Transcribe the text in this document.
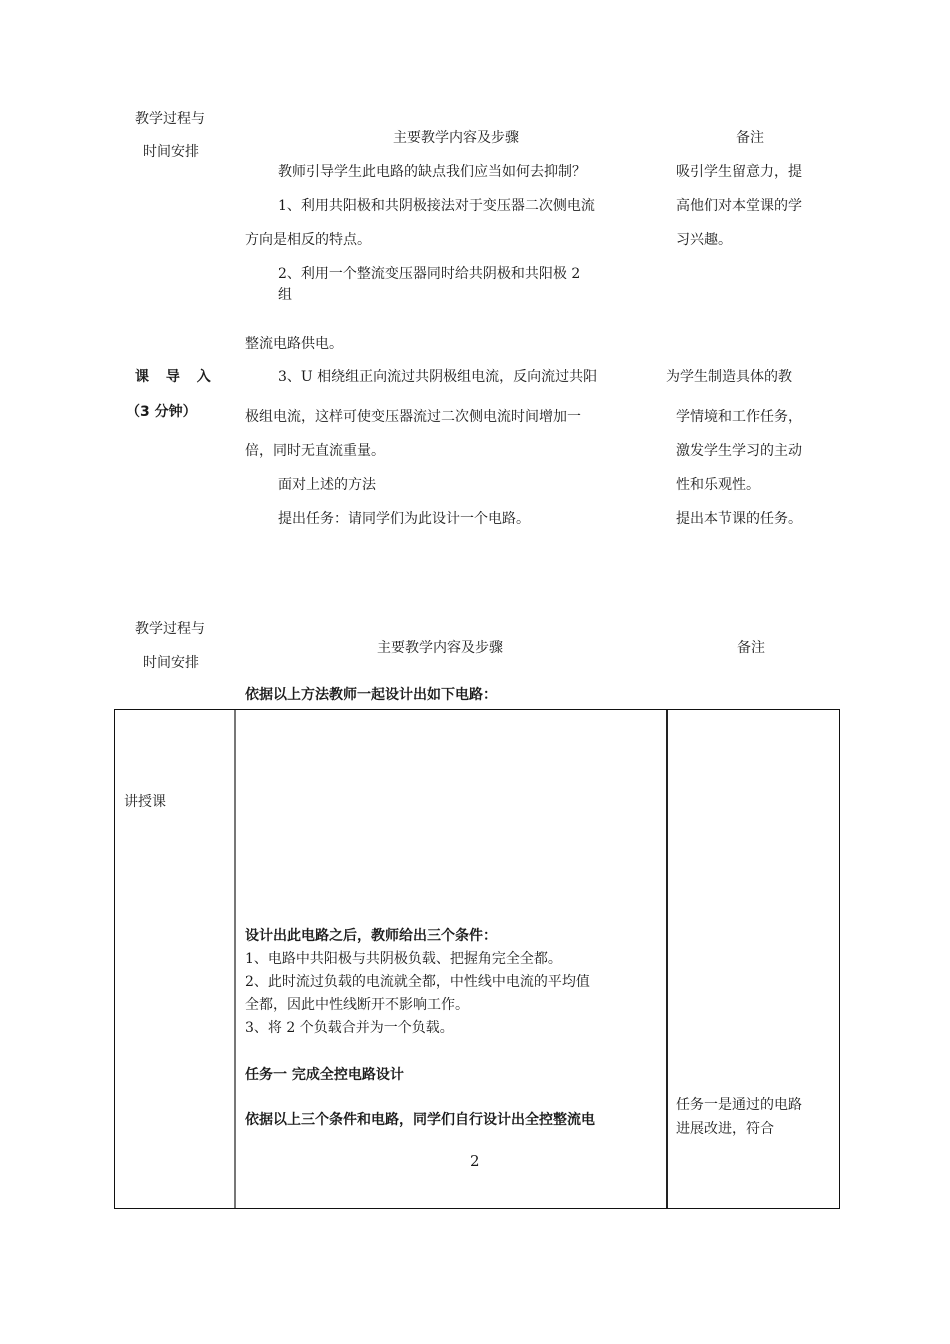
教学过程与
时间安排
主要教学内容及步骤	备注
教师引导学生此电路的缺点我们应当如何去抑制？
1、利用共阳极和共阴极接法对于变压器二次侧电流
方向是相反的特点。
2、利用一个整流变压器同时给共阴极和共阳极 2
组
整流电路供电。
3、U 相绕组正向流过共阴极组电流，反向流过共阳
极组电流，这样可使变压器流过二次侧电流时间增加一
倍，同时无直流重量。
面对上述的方法
提出任务：请同学们为此设计一个电路。
课 导 入
（3 分钟）
吸引学生留意力，提
高他们对本堂课的学
习兴趣。
为学生制造具体的教
学情境和工作任务，
激发学生学习的主动
性和乐观性。
提出本节课的任务。
教学过程与
时间安排
主要教学内容及步骤	备注
依据以上方法教师一起设计出如下电路：
讲授课
设计出此电路之后，教师给出三个条件：
1、电路中共阳极与共阴极负载、把握角完全全都。
2、此时流过负载的电流就全都，中性线中电流的平均值
全都，因此中性线断开不影响工作。
3、将 2 个负载合并为一个负载。
任务一 完成全控电路设计
依据以上三个条件和电路，同学们自行设计出全控整流电
任务一是通过的电路
进展改进，符合
2
